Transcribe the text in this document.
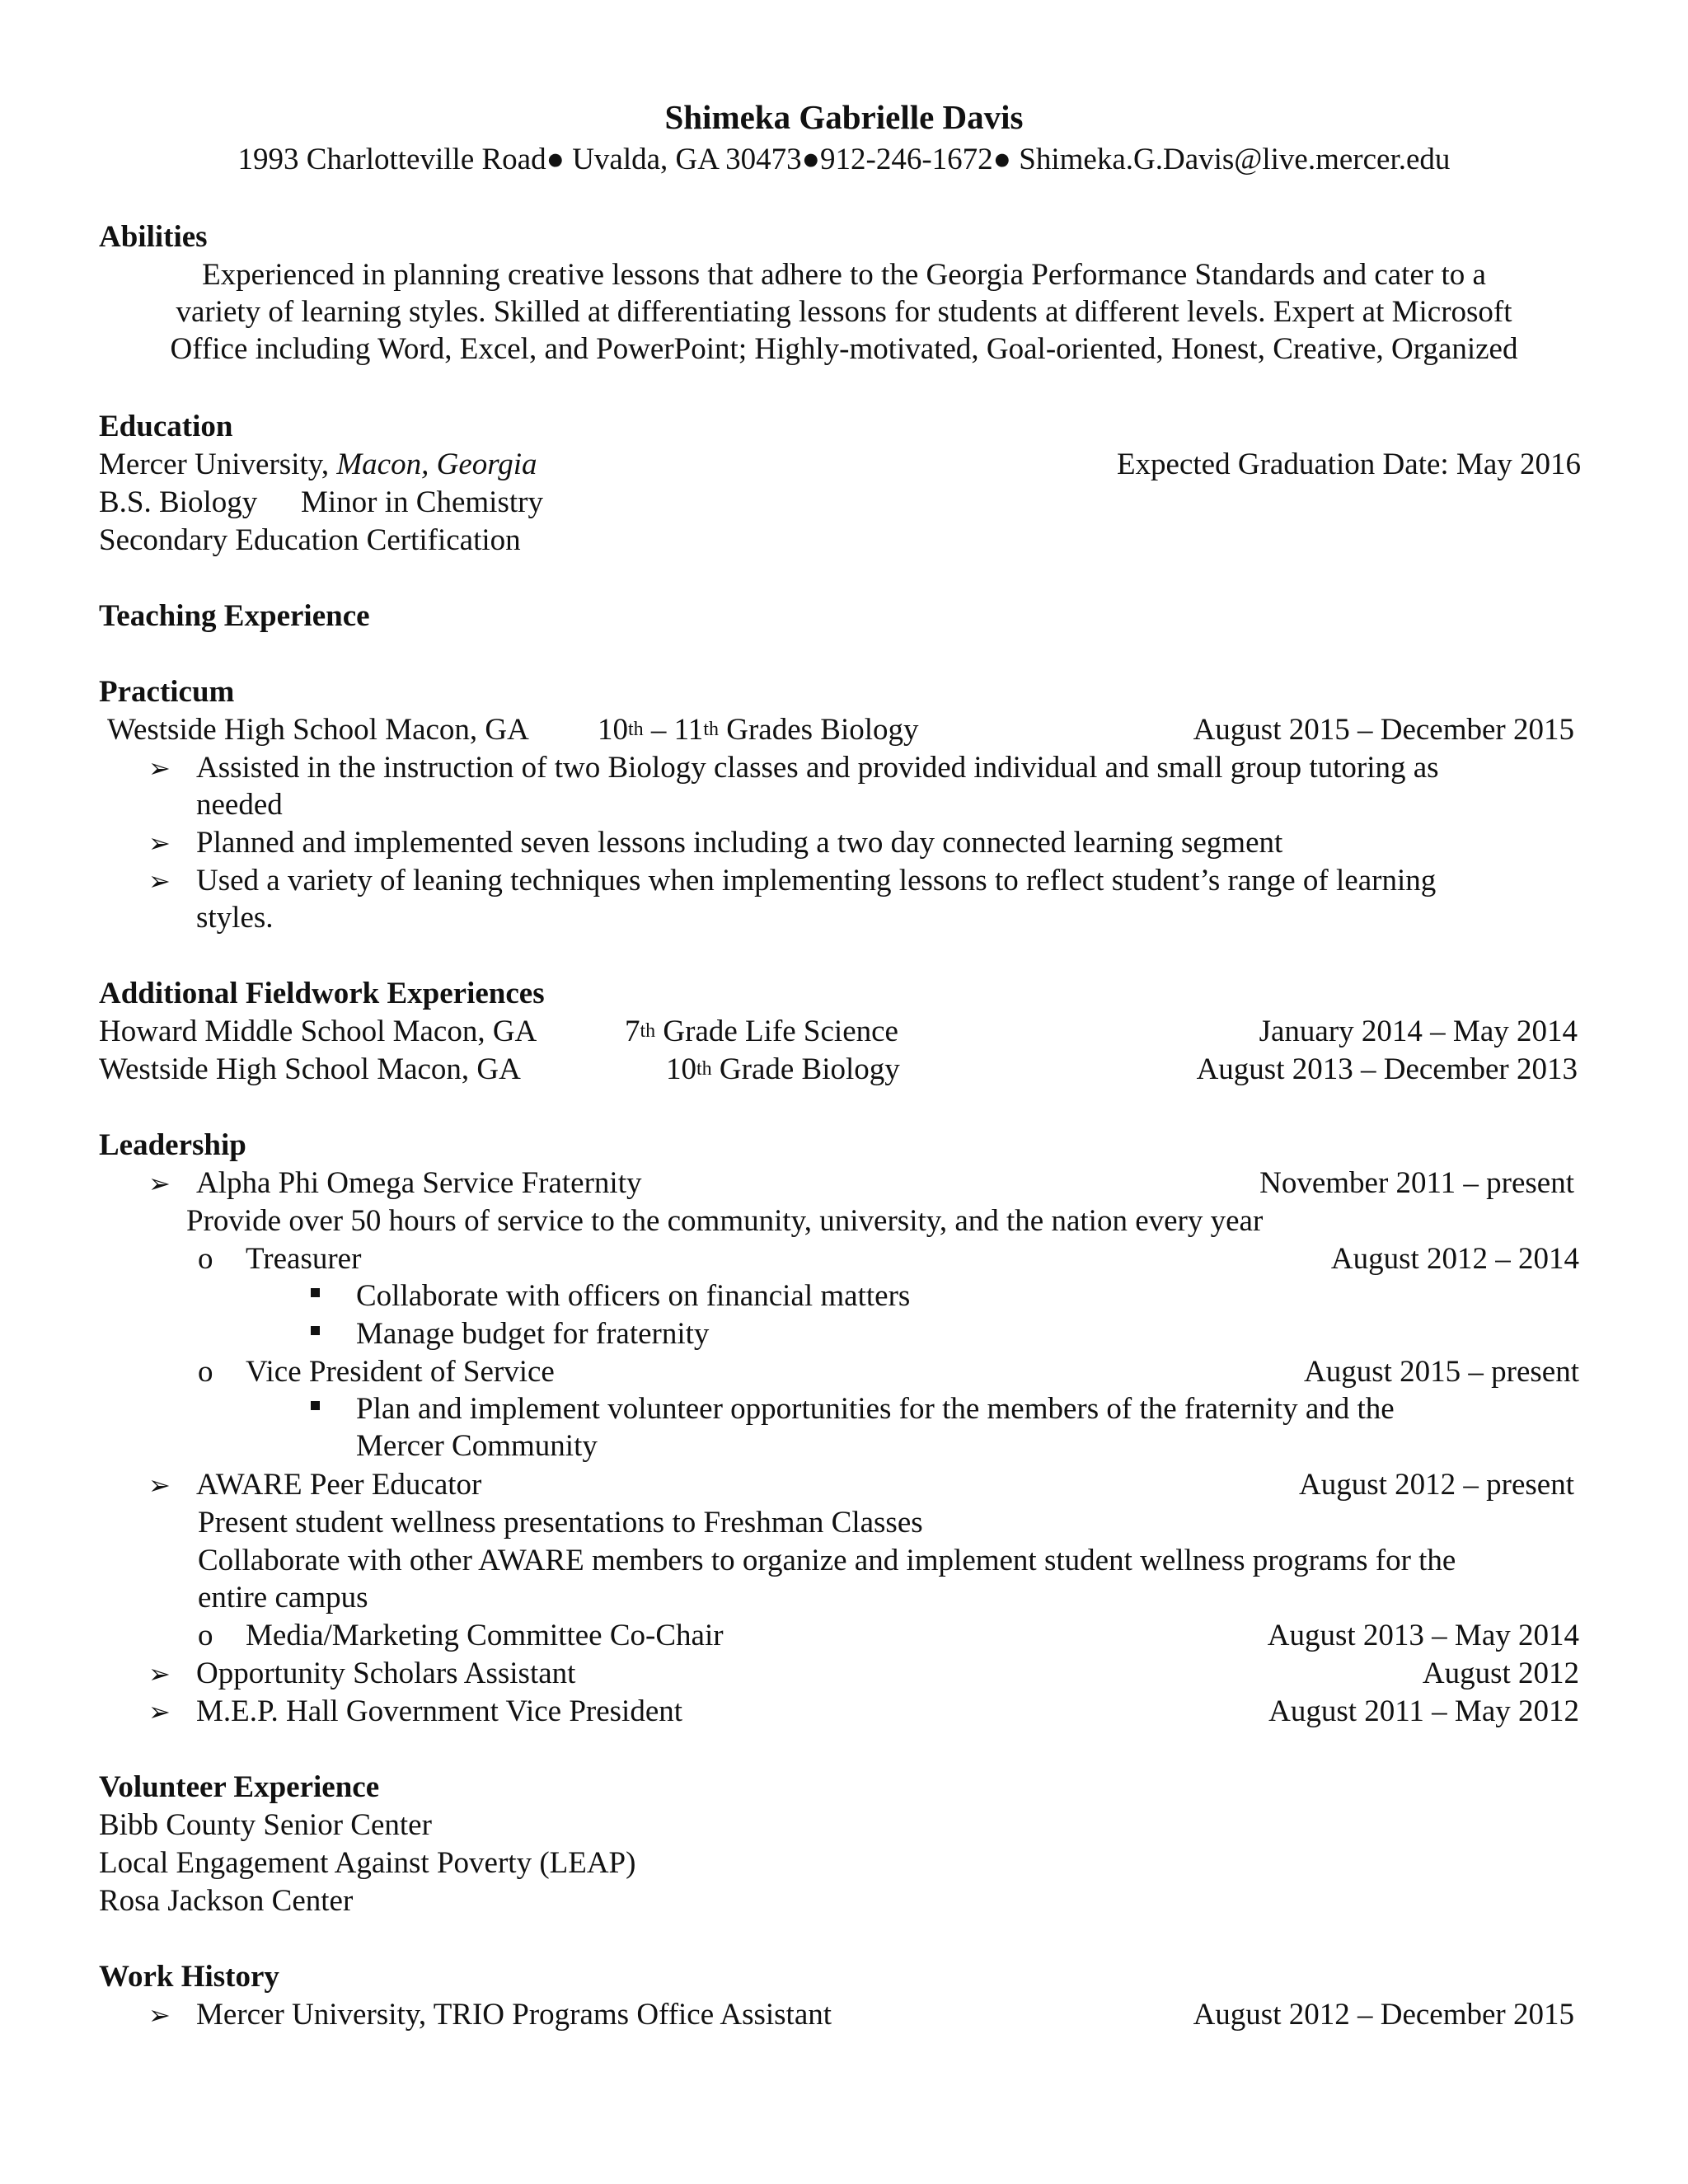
Shimeka Gabrielle Davis
1993 Charlotteville Road● Uvalda, GA 30473●912-246-1672● Shimeka.G.Davis@live.mercer.edu
Abilities
Experienced in planning creative lessons that adhere to the Georgia Performance Standards and cater to a
variety of learning styles. Skilled at differentiating lessons for students at different levels. Expert at Microsoft
Office including Word, Excel, and PowerPoint; Highly-motivated, Goal-oriented, Honest, Creative, Organized
Education
Mercer University, Macon, Georgia	Expected Graduation Date: May 2016
B.S. Biology Minor in Chemistry
Secondary Education Certification
Teaching Experience
Practicum
Westside High School Macon, GA 10th – 11th Grades Biology	August 2015 – December 2015
➢ Assisted in the instruction of two Biology classes and provided individual and small group tutoring as
needed
➢ Planned and implemented seven lessons including a two day connected learning segment
➢ Used a variety of leaning techniques when implementing lessons to reflect student’s range of learning
styles.
Additional Fieldwork Experiences
Howard Middle School Macon, GA	7th Grade Life Science	January 2014 – May 2014
Westside High School Macon, GA	10th Grade Biology	August 2013 – December 2013
Leadership
➢ Alpha Phi Omega Service Fraternity	November 2011 – present
Provide over 50 hours of service to the community, university, and the nation every year
o Treasurer	August 2012 – 2014
Collaborate with officers on financial matters
Manage budget for fraternity
o Vice President of Service	August 2015 – present
Plan and implement volunteer opportunities for the members of the fraternity and the
Mercer Community
➢ AWARE Peer Educator	August 2012 – present
Present student wellness presentations to Freshman Classes
Collaborate with other AWARE members to organize and implement student wellness programs for the
entire campus
o Media/Marketing Committee Co-Chair	August 2013 – May 2014
➢ Opportunity Scholars Assistant	August 2012
➢ M.E.P. Hall Government Vice President	August 2011 – May 2012
Volunteer Experience
Bibb County Senior Center
Local Engagement Against Poverty (LEAP)
Rosa Jackson Center
Work History
➢ Mercer University, TRIO Programs Office Assistant	August 2012 – December 2015
